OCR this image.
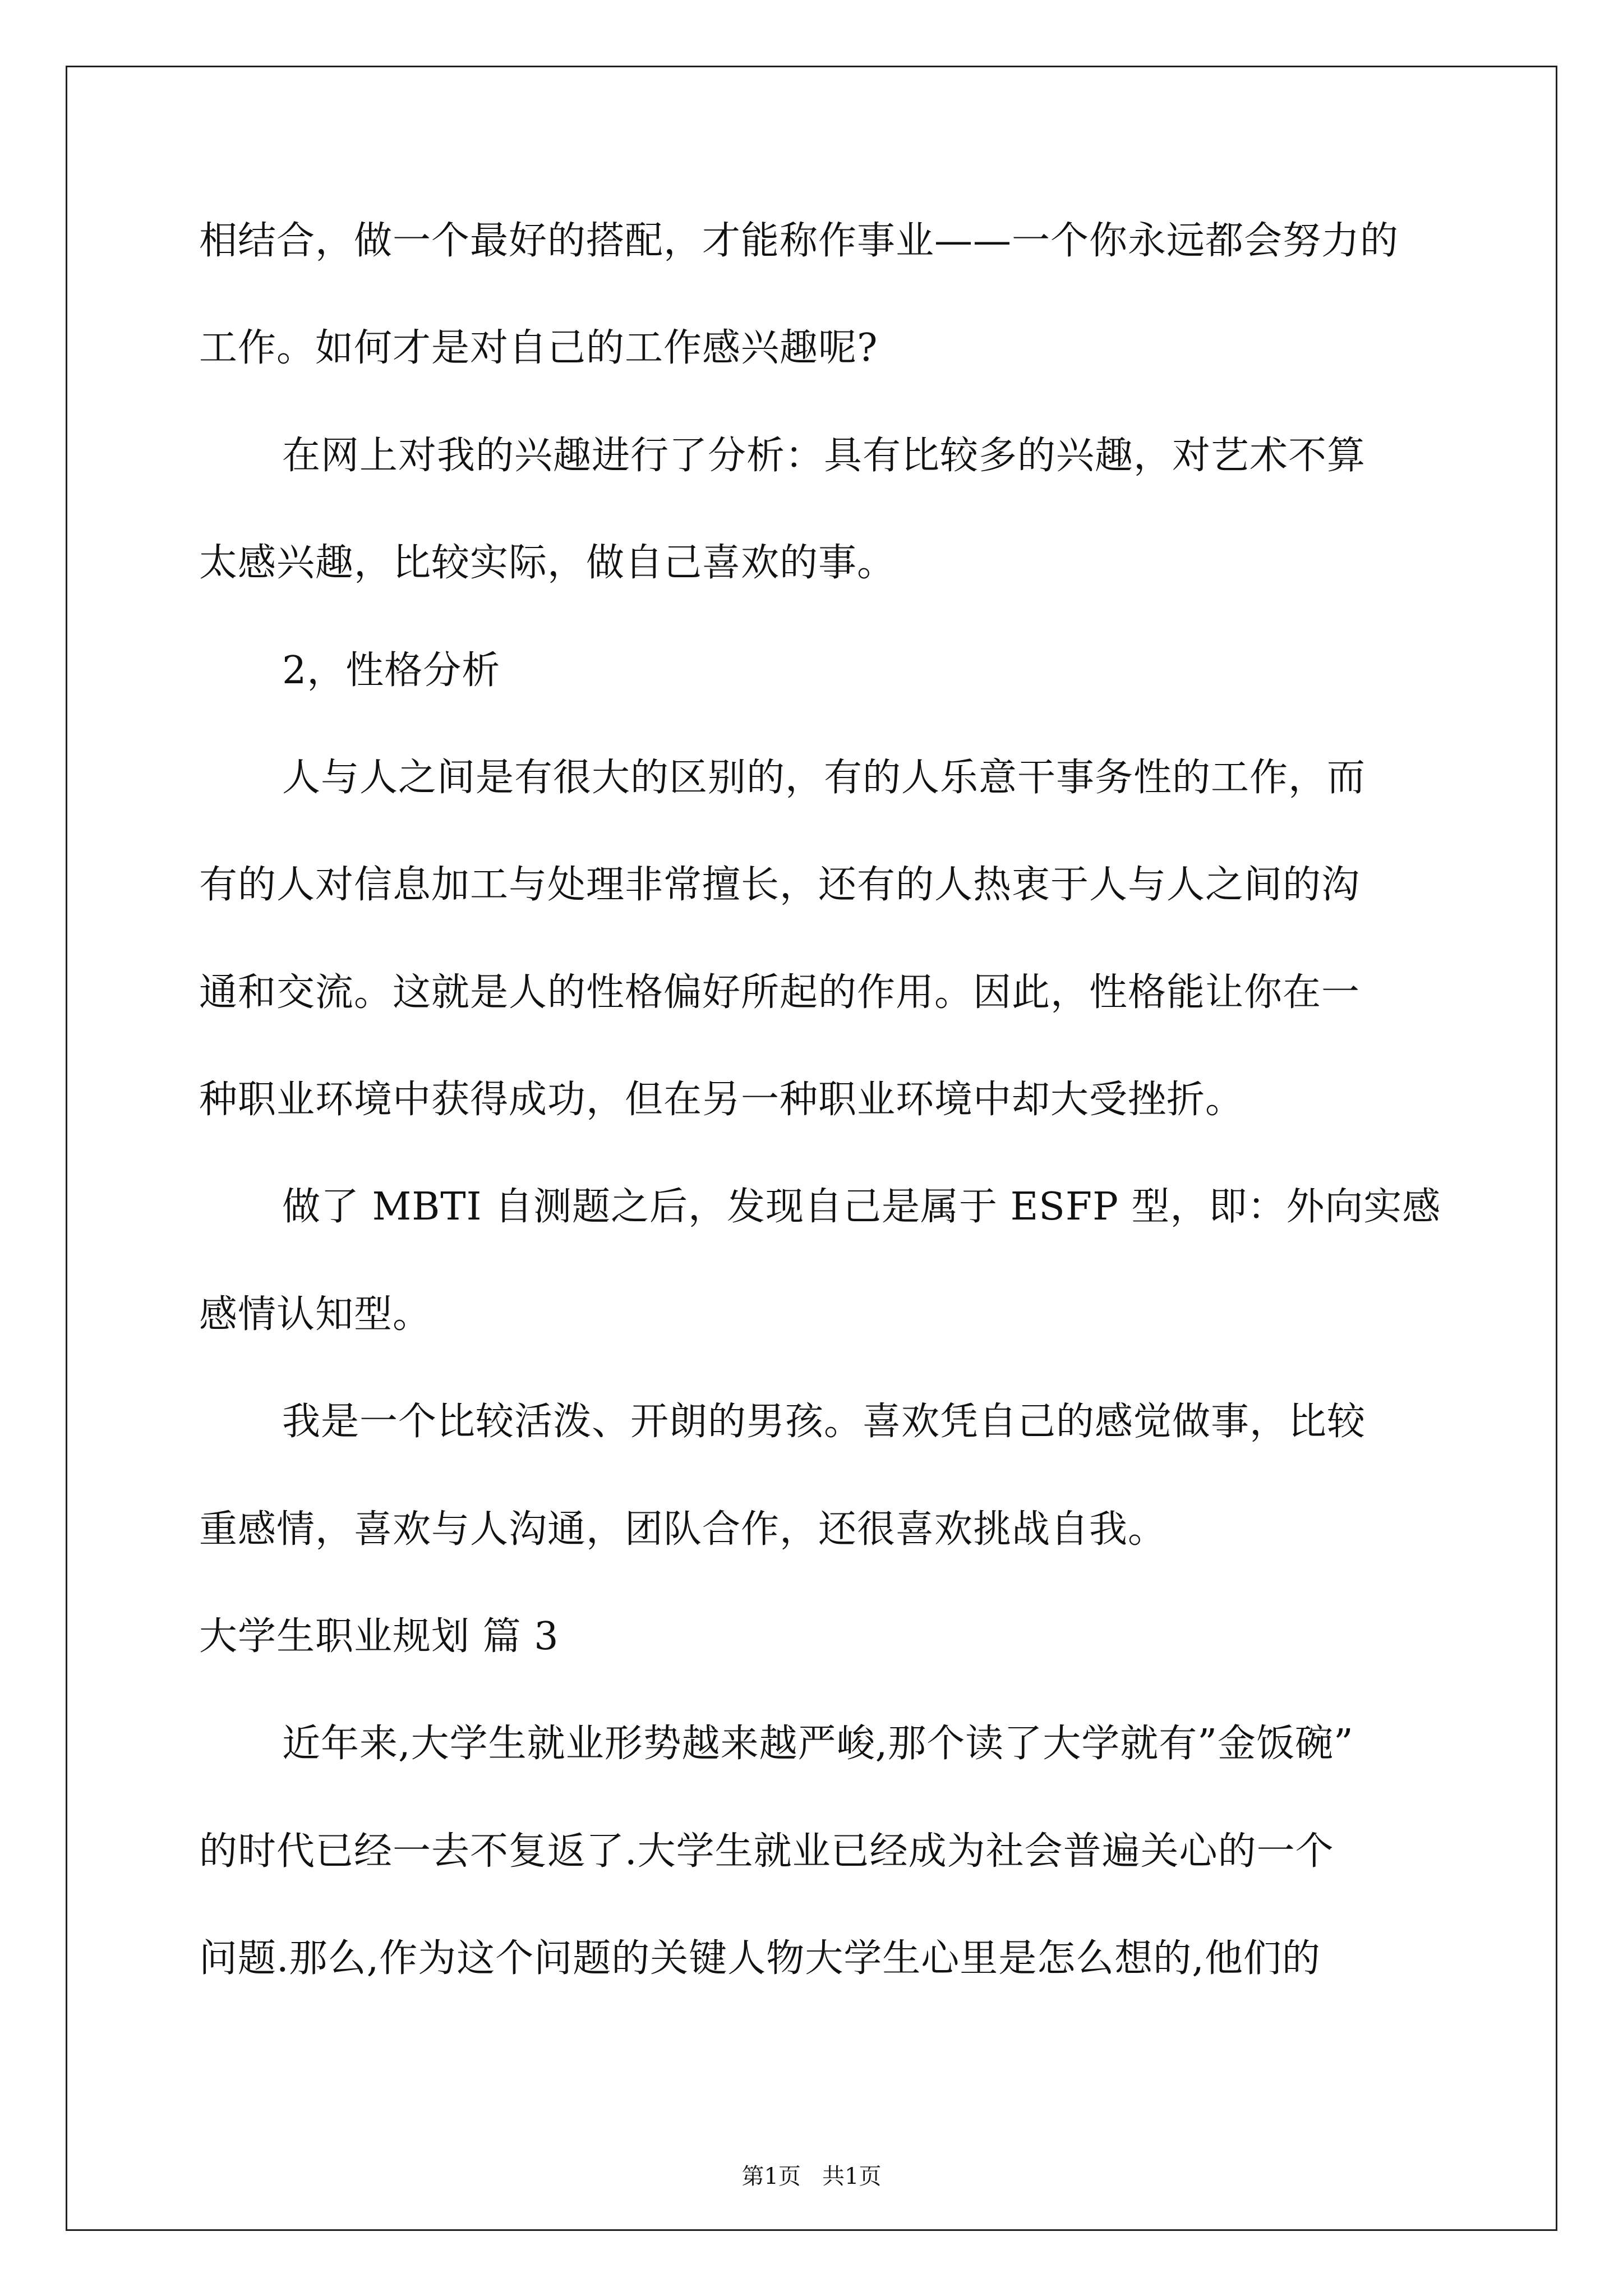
相结合，做一个最好的搭配，才能称作事业——一个你永远都会努力的
工作。如何才是对自己的工作感兴趣呢?
在网上对我的兴趣进行了分析：具有比较多的兴趣，对艺术不算
太感兴趣，比较实际，做自己喜欢的事。
2，性格分析
人与人之间是有很大的区别的，有的人乐意干事务性的工作，而
有的人对信息加工与处理非常擅长，还有的人热衷于人与人之间的沟
通和交流。这就是人的性格偏好所起的作用。因此，性格能让你在一
种职业环境中获得成功，但在另一种职业环境中却大受挫折。
做了 MBTI 自测题之后，发现自己是属于 ESFP 型，即：外向实感
感情认知型。
我是一个比较活泼、开朗的男孩。喜欢凭自己的感觉做事，比较
重感情，喜欢与人沟通，团队合作，还很喜欢挑战自我。
大学生职业规划 篇 3
近年来,大学生就业形势越来越严峻,那个读了大学就有”金饭碗”
的时代已经一去不复返了.大学生就业已经成为社会普遍关心的一个
问题.那么,作为这个问题的关键人物大学生心里是怎么想的,他们的
第1页   共1页
